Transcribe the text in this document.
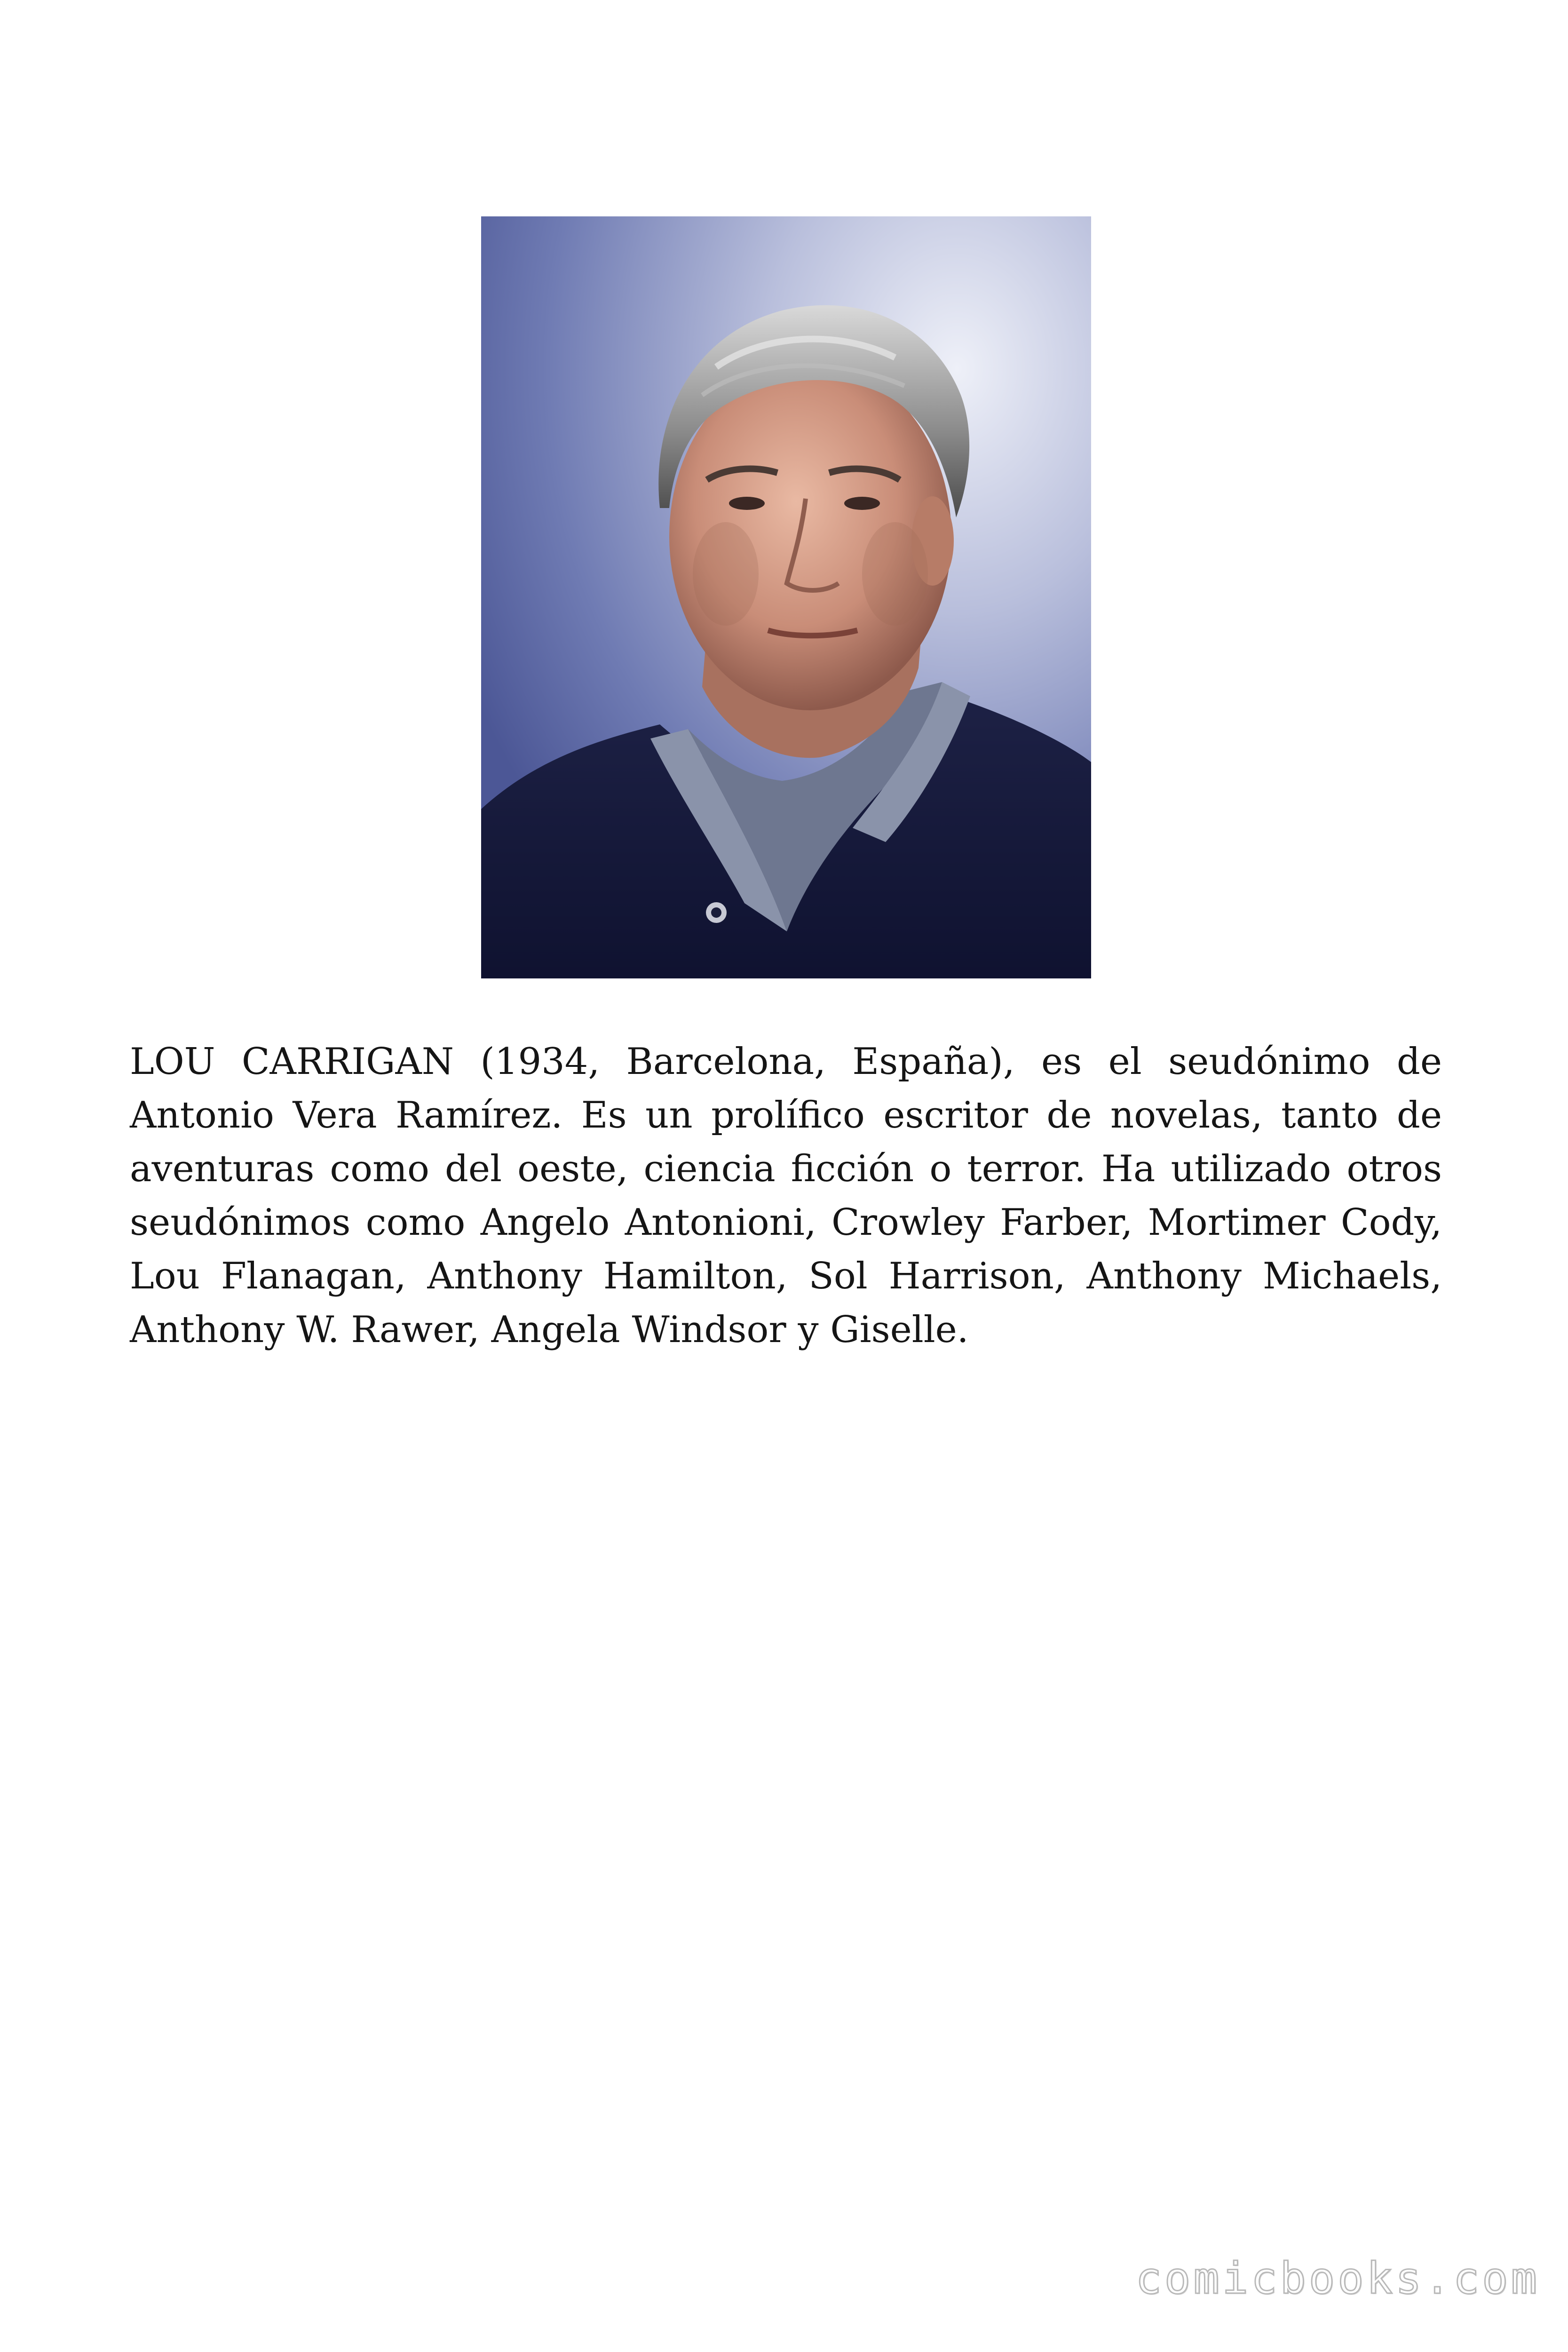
LOU CARRIGAN (1934, Barcelona, España), es el seudónimo de Antonio Vera Ramírez. Es un prolífico escritor de novelas, tanto de aventuras como del oeste, ciencia ficción o terror. Ha utilizado otros seudónimos como Angelo Antonioni, Crowley Farber, Mortimer Cody, Lou Flanagan, Anthony Hamilton, Sol Harrison, Anthony Michaels, Anthony W. Rawer, Angela Windsor y Giselle.

comicbooks.com
